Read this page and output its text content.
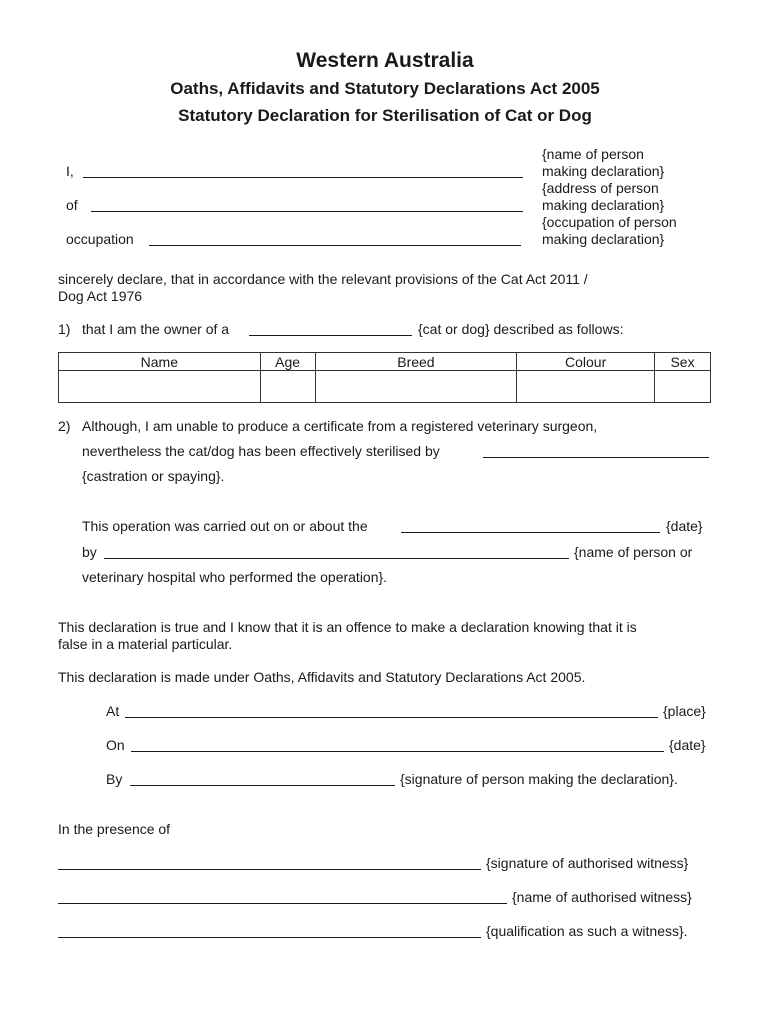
Western Australia
Oaths, Affidavits and Statutory Declarations Act 2005
Statutory Declaration for Sterilisation of Cat or Dog
I,
of
occupation
{name of person
making declaration}
{address of person
making declaration}
{occupation of person
making declaration}
sincerely declare, that in accordance with the relevant provisions of the Cat Act 2011 /
Dog Act 1976
1) that I am the owner of a	{cat or dog} described as follows:
Name	Age	Breed	Colour	Sex

2) Although, I am unable to produce a certificate from a registered veterinary surgeon,
nevertheless the cat/dog has been effectively sterilised by
{castration or spaying}.
This operation was carried out on or about the	{date}
by	{name of person or
veterinary hospital who performed the operation}.
This declaration is true and I know that it is an offence to make a declaration knowing that it is
false in a material particular.
This declaration is made under Oaths, Affidavits and Statutory Declarations Act 2005.
At	{place}
On	{date}
By	{signature of person making the declaration}.
In the presence of
{signature of authorised witness}
{name of authorised witness}
{qualification as such a witness}.
